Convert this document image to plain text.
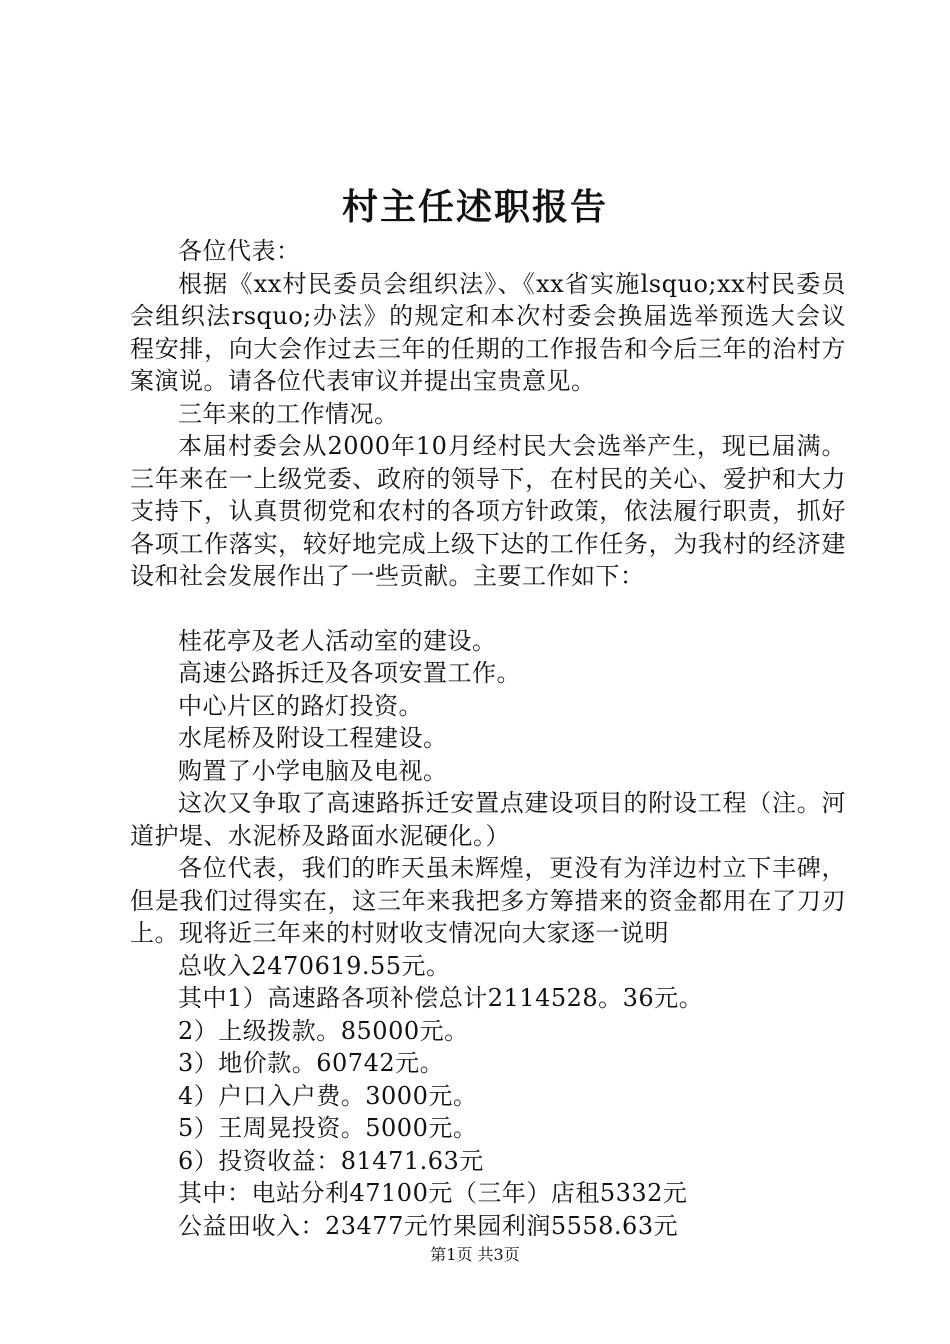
村主任述职报告

各位代表：

根据《xx村民委员会组织法》、《xx省实施lsquo;xx村民委员会组织法rsquo;办法》的规定和本次村委会换届选举预选大会议程安排，向大会作过去三年的任期的工作报告和今后三年的治村方案演说。请各位代表审议并提出宝贵意见。

三年来的工作情况。

本届村委会从2000年10月经村民大会选举产生，现已届满。三年来在一上级党委、政府的领导下，在村民的关心、爱护和大力支持下，认真贯彻党和农村的各项方针政策，依法履行职责，抓好各项工作落实，较好地完成上级下达的工作任务，为我村的经济建设和社会发展作出了一些贡献。主要工作如下：

桂花亭及老人活动室的建设。

高速公路拆迁及各项安置工作。

中心片区的路灯投资。

水尾桥及附设工程建设。

购置了小学电脑及电视。

这次又争取了高速路拆迁安置点建设项目的附设工程（注。河道护堤、水泥桥及路面水泥硬化。）

各位代表，我们的昨天虽未辉煌，更没有为洋边村立下丰碑，但是我们过得实在，这三年来我把多方筹措来的资金都用在了刀刃上。现将近三年来的村财收支情况向大家逐一说明

总收入2470619.55元。

其中1）高速路各项补偿总计2114528。36元。

2）上级拨款。85000元。

3）地价款。60742元。

4）户口入户费。3000元。

5）王周晃投资。5000元。

6）投资收益：81471.63元

其中：电站分利47100元（三年）店租5332元

公益田收入：23477元竹果园利润5558.63元

第1页 共3页
